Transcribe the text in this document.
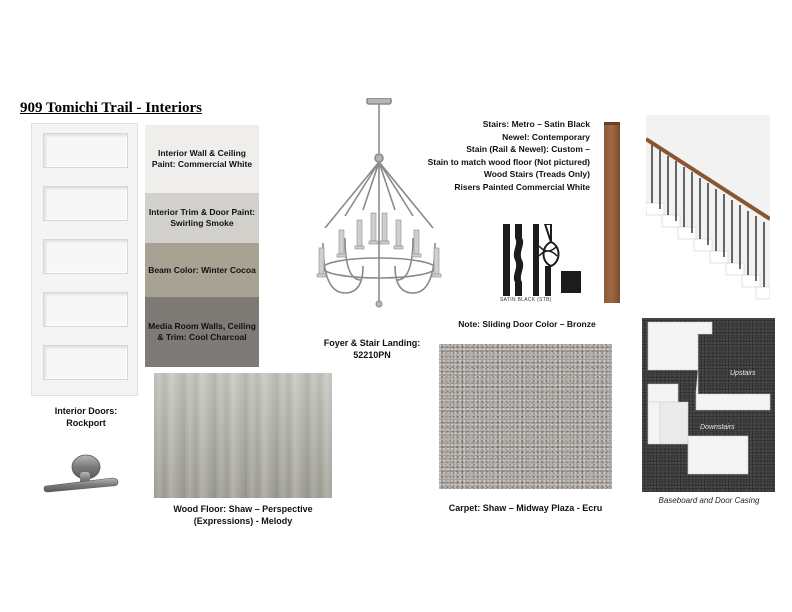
909 Tomichi Trail - Interiors
Interior Doors: Rockport
Interior Wall & Ceiling Paint: Commercial White
Interior Trim & Door Paint: Swirling Smoke
Beam Color: Winter Cocoa
Media Room Walls, Ceiling & Trim: Cool Charcoal
Foyer & Stair Landing: 52210PN
Wood Floor: Shaw – Perspective (Expressions) - Melody
Stairs: Metro – Satin Black
Newel: Contemporary
Stain (Rail & Newel): Custom –
Stain to match wood floor (Not pictured)
Wood Stairs (Treads Only)
Risers Painted Commercial White
SATIN BLACK (STB)
Note: Sliding Door Color – Bronze
Carpet: Shaw – Midway Plaza - Ecru
Upstairs
Downstairs
Baseboard and Door Casing
